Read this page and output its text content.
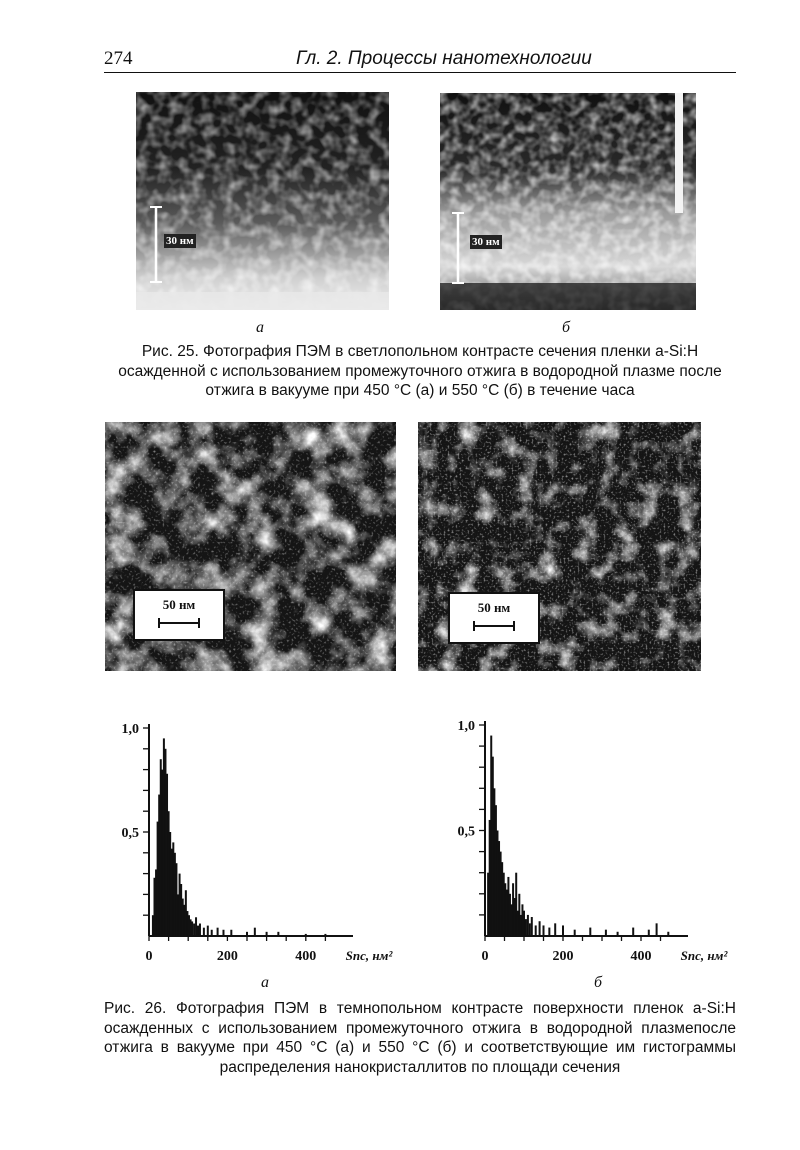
274	Гл. 2. Процессы нанотехнологии
30 нм	30 нм
а	б
Рис. 25. Фотография ПЭМ в светлопольном контрасте сечения пленки a-Si:H осажденной с использованием промежуточного отжига в водородной плазме после отжига в вакууме при 450 °С (а) и 550 °С (б) в течение часа
50 нм	50 нм
0,5
1,0
0	200	400 Sпс, нм²
0,5
1,0
0	200	400 Sпс, нм²
а	б
Рис. 26. Фотография ПЭМ в темнопольном контрасте поверхности пленок a-Si:H осажденных с использованием промежуточного отжига в водородной плазмепосле отжига в вакууме при 450 °С (а) и 550 °С (б) и соответствующие им гистограммы распределения нанокристаллитов по площади сечения
